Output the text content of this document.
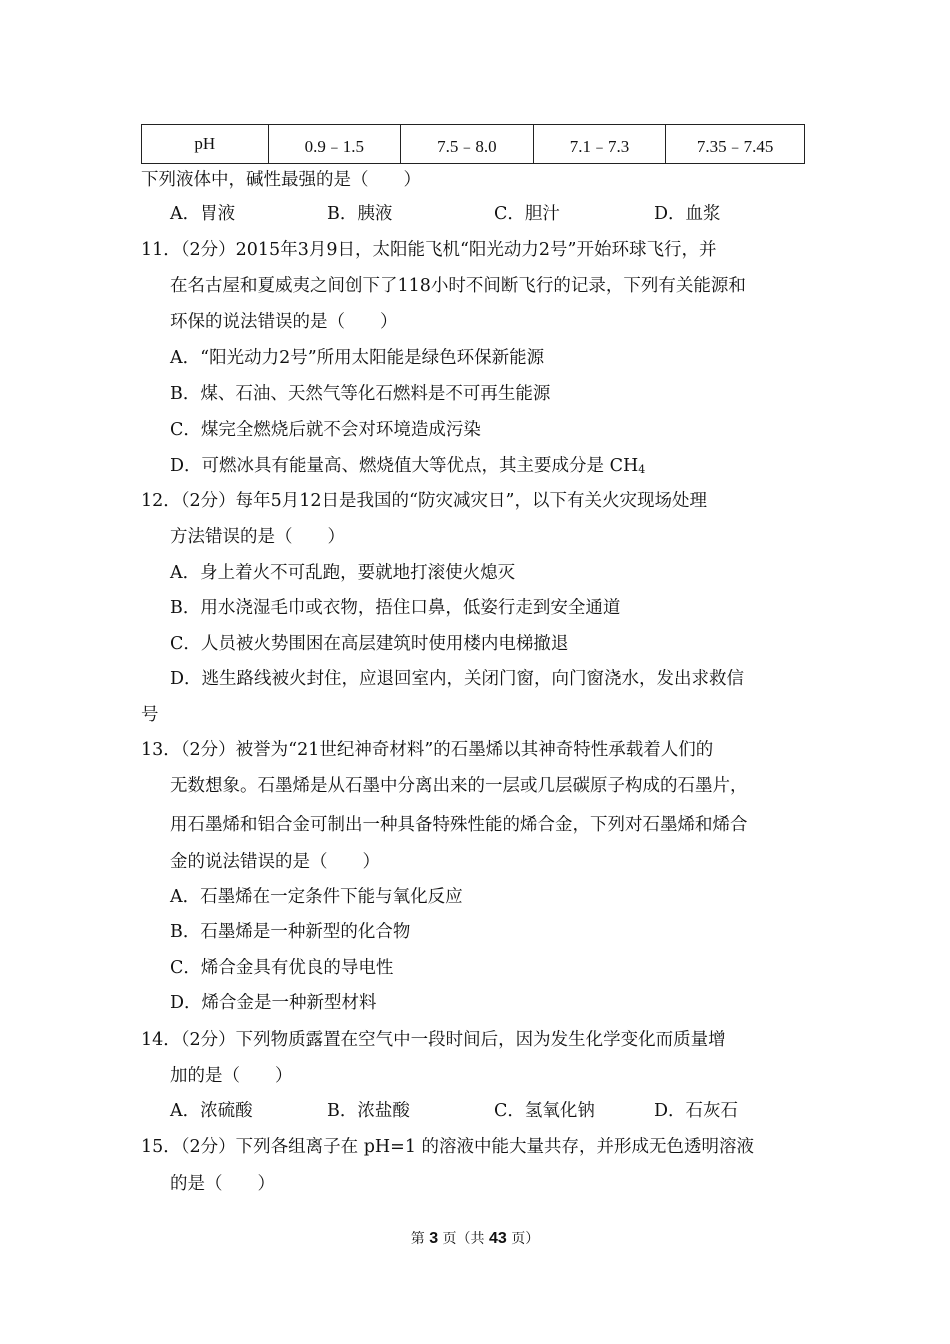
pH	0.9﹣1.5	7.5﹣8.0	7.1﹣7.3	7.35﹣7.45
下列液体中，碱性最强的是（　　）
A．胃液	B．胰液	C．胆汁	D．血浆
11．（2分）2015年3月9日，太阳能飞机“阳光动力2号”开始环球飞行，并
在名古屋和夏威夷之间创下了118小时不间断飞行的记录，下列有关能源和
环保的说法错误的是（　　）
A．“阳光动力2号”所用太阳能是绿色环保新能源
B．煤、石油、天然气等化石燃料是不可再生能源
C．煤完全燃烧后就不会对环境造成污染
D．可燃冰具有能量高、燃烧值大等优点，其主要成分是 CH4
12．（2分）每年5月12日是我国的“防灾减灾日”，以下有关火灾现场处理
方法错误的是（　　）
A．身上着火不可乱跑，要就地打滚使火熄灭
B．用水浇湿毛巾或衣物，捂住口鼻，低姿行走到安全通道
C．人员被火势围困在高层建筑时使用楼内电梯撤退
D．逃生路线被火封住，应退回室内，关闭门窗，向门窗浇水，发出求救信
号
13．（2分）被誉为“21世纪神奇材料”的石墨烯以其神奇特性承载着人们的
无数想象。石墨烯是从石墨中分离出来的一层或几层碳原子构成的石墨片，
用石墨烯和铝合金可制出一种具备特殊性能的烯合金，下列对石墨烯和烯合
金的说法错误的是（　　）
A．石墨烯在一定条件下能与氧化反应
B．石墨烯是一种新型的化合物
C．烯合金具有优良的导电性
D．烯合金是一种新型材料
14．（2分）下列物质露置在空气中一段时间后，因为发生化学变化而质量增
加的是（　　）
A．浓硫酸	B．浓盐酸	C．氢氧化钠	D．石灰石
15．（2分）下列各组离子在 pH=1 的溶液中能大量共存，并形成无色透明溶液
的是（　　）
第 3 页（共 43 页）
